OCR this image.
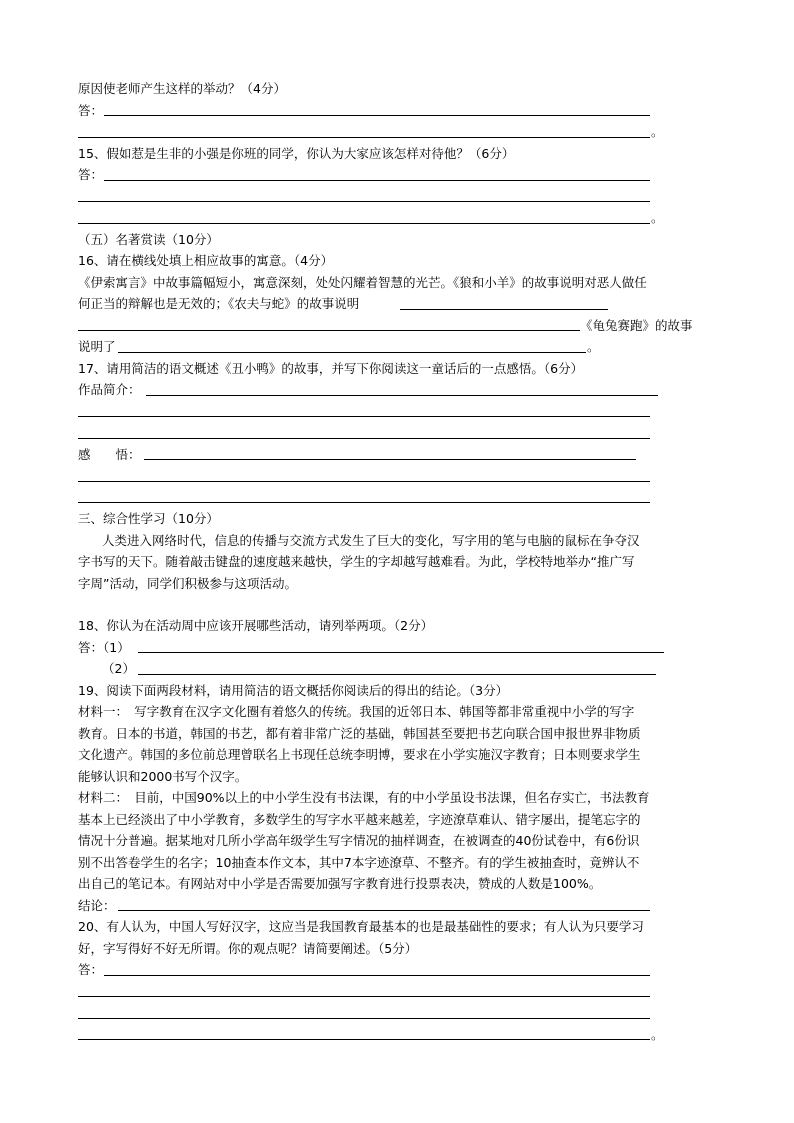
原因使老师产生这样的举动？（4分）
答：
。
15、假如惹是生非的小强是你班的同学，你认为大家应该怎样对待他？（6分）
答：
。
（五）名著赏读（10分）
16、请在横线处填上相应故事的寓意。（4分）
《伊索寓言》中故事篇幅短小，寓意深刻，处处闪耀着智慧的光芒。《狼和小羊》的故事说明对恶人做任
何正当的辩解也是无效的；《农夫与蛇》的故事说明
《龟兔赛跑》的故事
说明了	。
17、请用简洁的语文概述《丑小鸭》的故事，并写下你阅读这一童话后的一点感悟。（6分）
作品简介：
感　　悟：
三、综合性学习（10分）
人类进入网络时代，信息的传播与交流方式发生了巨大的变化，写字用的笔与电脑的鼠标在争夺汉
字书写的天下。随着敲击键盘的速度越来越快，学生的字却越写越难看。为此，学校特地举办“推广写
字周”活动，同学们积极参与这项活动。
18、你认为在活动周中应该开展哪些活动，请列举两项。（2分）
答：（1）
（2）
19、阅读下面两段材料，请用简洁的语文概括你阅读后的得出的结论。（3分）
材料一：　写字教育在汉字文化圈有着悠久的传统。我国的近邻日本、韩国等都非常重视中小学的写字
教育。日本的书道，韩国的书艺，都有着非常广泛的基础，韩国甚至要把书艺向联合国申报世界非物质
文化遗产。韩国的多位前总理曾联名上书现任总统李明博，要求在小学实施汉字教育；日本则要求学生
能够认识和2000书写个汉字。
材料二：　目前，中国90%以上的中小学生没有书法课，有的中小学虽设书法课，但名存实亡，书法教育
基本上已经淡出了中小学教育，多数学生的写字水平越来越差，字迹潦草难认、错字屡出，提笔忘字的
情况十分普遍。据某地对几所小学高年级学生写字情况的抽样调查，在被调查的40份试卷中，有6份识
别不出答卷学生的名字；10抽查本作文本，其中7本字迹潦草、不整齐。有的学生被抽查时，竟辨认不
出自己的笔记本。有网站对中小学是否需要加强写字教育进行投票表决，赞成的人数是100%。
结论：
20、有人认为，中国人写好汉字，这应当是我国教育最基本的也是最基础性的要求；有人认为只要学习
好，字写得好不好无所谓。你的观点呢？请简要阐述。（5分）
答：
。
